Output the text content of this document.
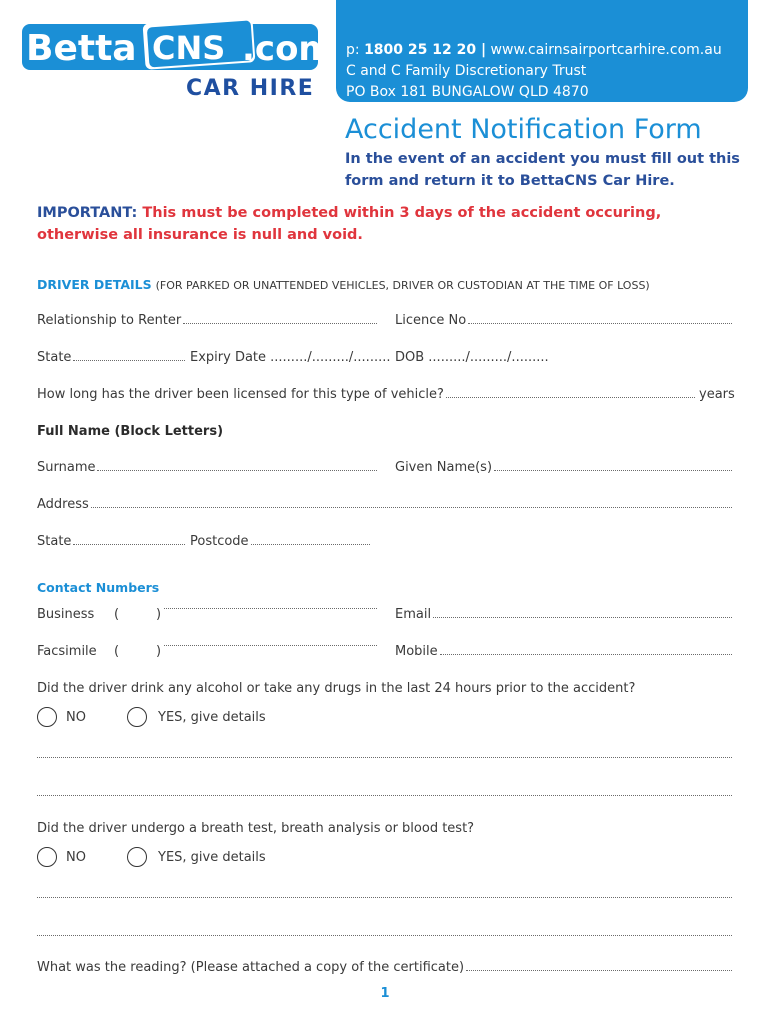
Betta CNS .com
CAR HIRE
p: 1800 25 12 20 | www.cairnsairportcarhire.com.au
C and C Family Discretionary Trust
PO Box 181 BUNGALOW QLD 4870
Accident Notification Form
In the event of an accident you must fill out this form and return it to BettaCNS Car Hire.
IMPORTANT: This must be completed within 3 days of the accident occuring, otherwise all insurance is null and void.
DRIVER DETAILS (FOR PARKED OR UNATTENDED VEHICLES, DRIVER OR CUSTODIAN AT THE TIME OF LOSS)
Relationship to Renter	Licence No
State	Expiry Date ........./........./......... DOB ........./........./.........
How long has the driver been licensed for this type of vehicle?	years
Full Name (Block Letters)
Surname	Given Name(s)
Address
State	Postcode
Contact Numbers
Business (	)	Email
Facsimile (	)	Mobile
Did the driver drink any alcohol or take any drugs in the last 24 hours prior to the accident?
NO	YES, give details
Did the driver undergo a breath test, breath analysis or blood test?
NO	YES, give details
What was the reading? (Please attached a copy of the certificate)
1
